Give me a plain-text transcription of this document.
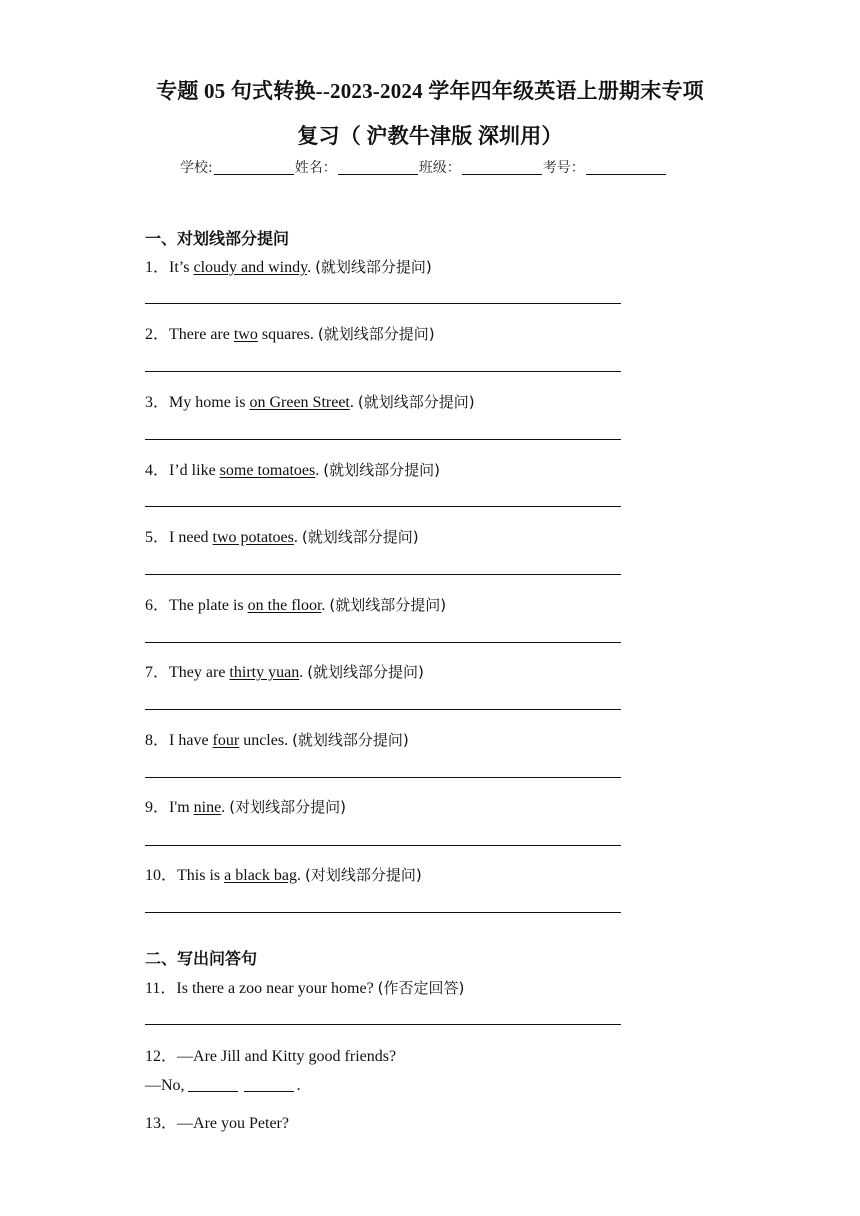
专题 05 句式转换--2023-2024 学年四年级英语上册期末专项
复习（ 沪教牛津版 深圳用）
学校:	姓名：	班级：	考号：
一、对划线部分提问
1．It’s cloudy and windy. (就划线部分提问)
2．There are two squares. (就划线部分提问)
3．My home is on Green Street. (就划线部分提问)
4．I’d like some tomatoes. (就划线部分提问)
5．I need two potatoes. (就划线部分提问)
6．The plate is on the floor. (就划线部分提问)
7．They are thirty yuan. (就划线部分提问)
8．I have four uncles. (就划线部分提问)
9．I'm nine. (对划线部分提问)
10．This is a black bag. (对划线部分提问)
二、写出问答句
11．Is there a zoo near your home? (作否定回答)
12．—Are Jill and Kitty good friends?
—No,	.
13．—Are you Peter?
